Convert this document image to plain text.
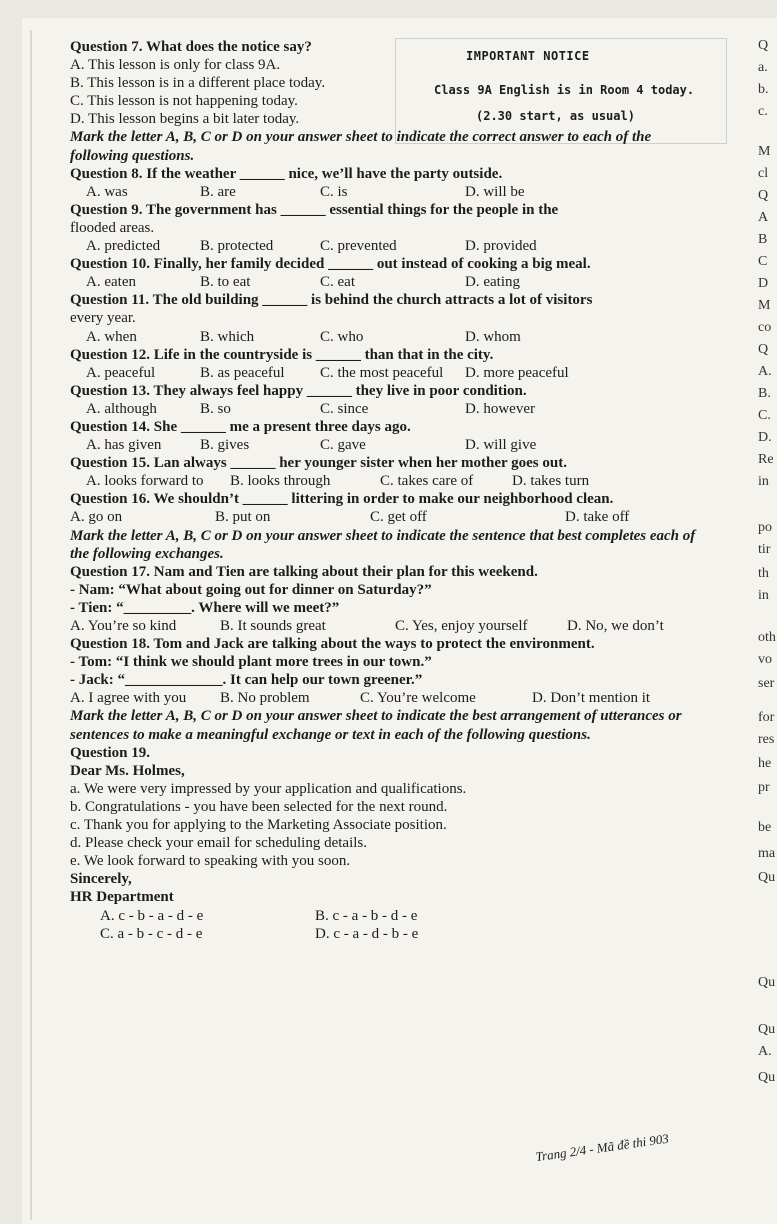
IMPORTANT NOTICE
Class 9A English is in Room 4 today.
(2.30 start, as usual)
Question 7. What does the notice say?
A. This lesson is only for class 9A.
B. This lesson is in a different place today.
C. This lesson is not happening today.
D. This lesson begins a bit later today.
Mark the letter A, B, C or D on your answer sheet to indicate the correct answer to each of the following questions.
Question 8. If the weather ______ nice, we’ll have the party outside.
A. was	B. are	C. is	D. will be
Question 9. The government has ______ essential things for the people in the
flooded areas.
A. predicted	B. protected	C. prevented	D. provided
Question 10. Finally, her family decided ______ out instead of cooking a big meal.
A. eaten	B. to eat	C. eat	D. eating
Question 11. The old building ______ is behind the church attracts a lot of visitors
every year.
A. when	B. which	C. who	D. whom
Question 12. Life in the countryside is ______ than that in the city.
A. peaceful	B. as peaceful	C. the most peaceful	D. more peaceful
Question 13. They always feel happy ______ they live in poor condition.
A. although	B. so	C. since	D. however
Question 14. She ______ me a present three days ago.
A. has given	B. gives	C. gave	D. will give
Question 15. Lan always ______ her younger sister when her mother goes out.
A. looks forward to	B. looks through	C. takes care of	D. takes turn
Question 16. We shouldn’t ______ littering in order to make our neighborhood clean.
A. go on	B. put on	C. get off	D. take off
Mark the letter A, B, C or D on your answer sheet to indicate the sentence that best completes each of the following exchanges.
Question 17. Nam and Tien are talking about their plan for this weekend.
- Nam: “What about going out for dinner on Saturday?”
- Tien: “_________. Where will we meet?”
A. You’re so kind	B. It sounds great	C. Yes, enjoy yourself	D. No, we don’t
Question 18. Tom and Jack are talking about the ways to protect the environment.
- Tom: “I think we should plant more trees in our town.”
- Jack: “_____________. It can help our town greener.”
A. I agree with you	B. No problem	C. You’re welcome	D. Don’t mention it
Mark the letter A, B, C or D on your answer sheet to indicate the best arrangement of utterances or sentences to make a meaningful exchange or text in each of the following questions.
Question 19.
Dear Ms. Holmes,
a. We were very impressed by your application and qualifications.
b. Congratulations - you have been selected for the next round.
c. Thank you for applying to the Marketing Associate position.
d. Please check your email for scheduling details.
e. We look forward to speaking with you soon.
Sincerely,
HR Department
A. c - b - a - d - e	B. c - a - b - d - e
C. a - b - c - d - e	D. c - a - d - b - e
Trang 2/4 - Mã đề thi 903
Q
a.
b.
c.
M
cl
Q
A
B
C
D
M
co
Q
A.
B.
C.
D.
Re
in
po
tir
th
in
oth
vo
ser
for
res
he
pr
be
ma
Qu
Qu
Qu
A.
Qu
